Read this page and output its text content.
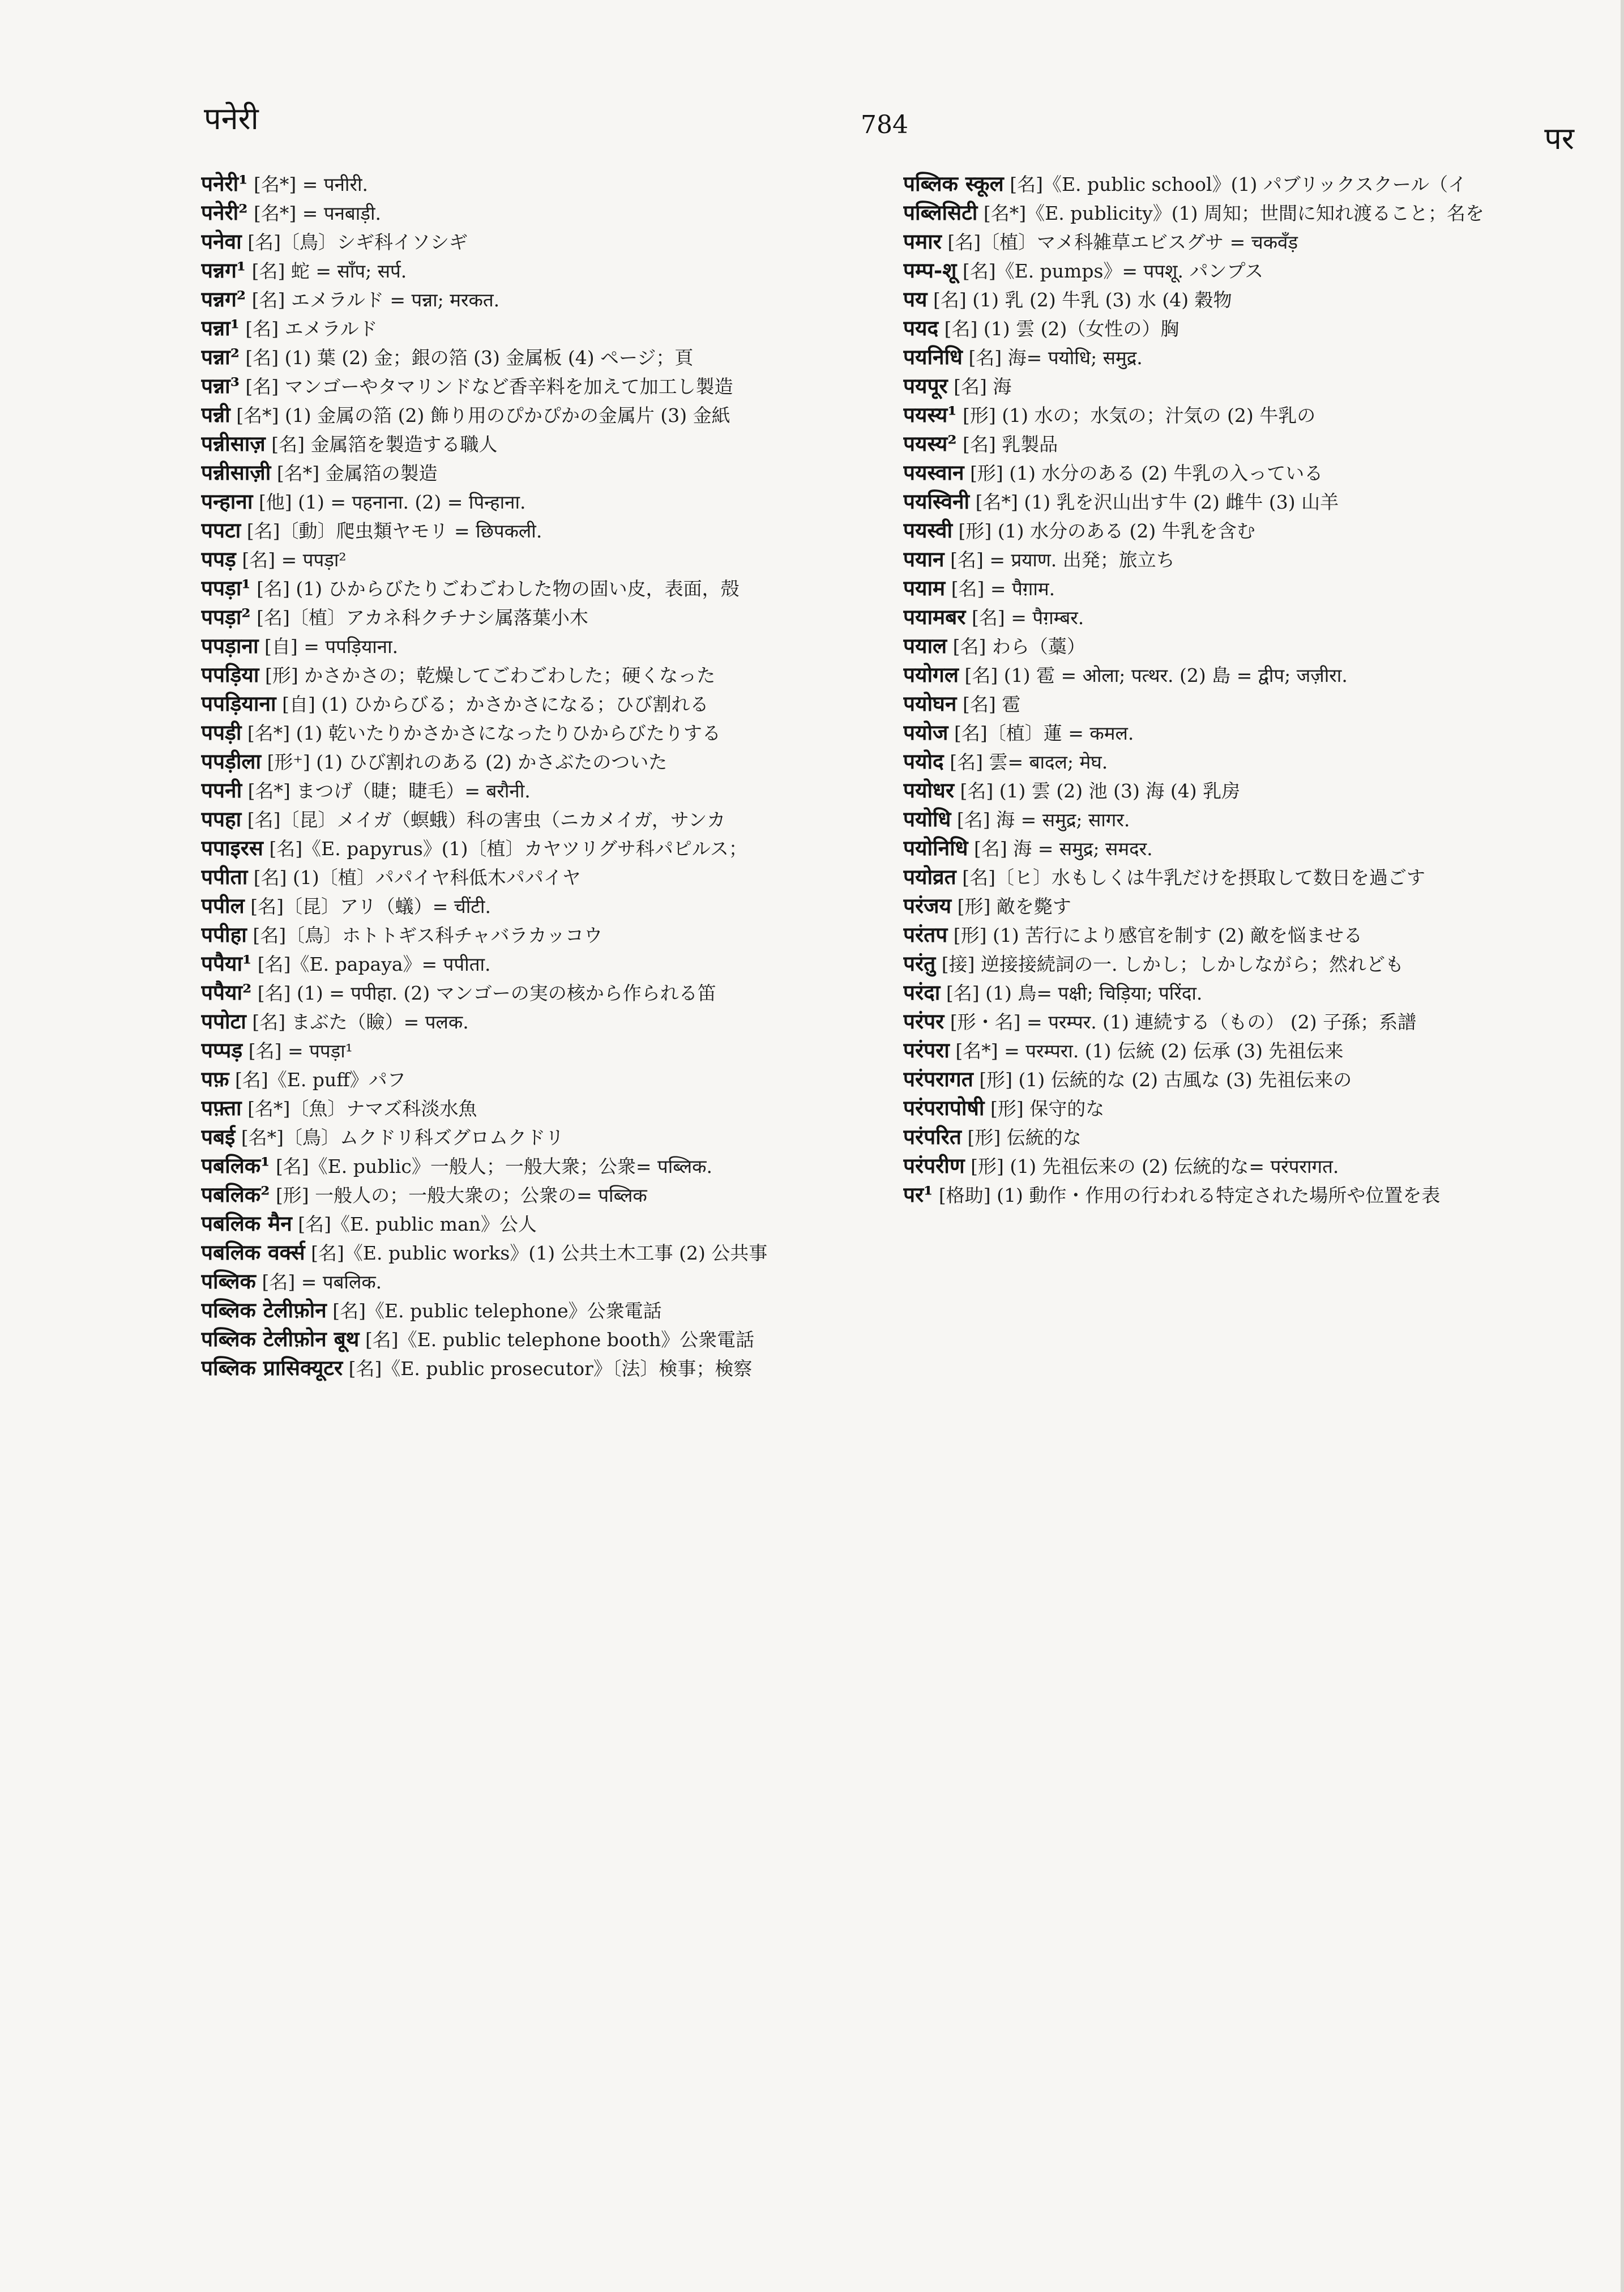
पनेरी	784	पर
पनेरी¹ [名*] = पनीरी.
पनेरी² [名*] = पनबाड़ी.
पनेवा [名]〔鳥〕シギ科イソシギ
पन्नग¹ [名] 蛇 = साँप; सर्प.
पन्नग² [名] エメラルド = पन्ना; मरकत.
पन्ना¹ [名] エメラルド
पन्ना² [名] (1) 葉 (2) 金；銀の箔 (3) 金属板 (4) ページ；頁
पन्ना³ [名] マンゴーやタマリンドなど香辛料を加えて加工し製造
पन्नी [名*] (1) 金属の箔 (2) 飾り用のぴかぴかの金属片 (3) 金紙
पन्नीसाज़ [名] 金属箔を製造する職人
पन्नीसाज़ी [名*] 金属箔の製造
पन्हाना [他] (1) = पहनाना. (2) = पिन्हाना.
पपटा [名]〔動〕爬虫類ヤモリ = छिपकली.
पपड़ [名] = पपड़ा²
पपड़ा¹ [名] (1) ひからびたりごわごわした物の固い皮，表面，殻
पपड़ा² [名]〔植〕アカネ科クチナシ属落葉小木
पपड़ाना [自] = पपड़ियाना.
पपड़िया [形] かさかさの；乾燥してごわごわした；硬くなった
पपड़ियाना [自] (1) ひからびる；かさかさになる；ひび割れる
पपड़ी [名*] (1) 乾いたりかさかさになったりひからびたりする
पपड़ीला [形⁺] (1) ひび割れのある (2) かさぶたのついた
पपनी [名*] まつげ（睫；睫毛）= बरौनी.
पपहा [名]〔昆〕メイガ（螟蛾）科の害虫（ニカメイガ，サンカ
पपाइरस [名]《E. papyrus》(1)〔植〕カヤツリグサ科パピルス；
पपीता [名] (1)〔植〕パパイヤ科低木パパイヤ
पपील [名]〔昆〕アリ（蟻）= चींटी.
पपीहा [名]〔鳥〕ホトトギス科チャバラカッコウ
पपैया¹ [名]《E. papaya》= पपीता.
पपैया² [名] (1) = पपीहा. (2) マンゴーの実の核から作られる笛
पपोटा [名] まぶた（瞼）= पलक.
पप्पड़ [名] = पपड़ा¹
पफ़ [名]《E. puff》パフ
पफ़्ता [名*]〔魚〕ナマズ科淡水魚
पबई [名*]〔鳥〕ムクドリ科ズグロムクドリ
पबलिक¹ [名]《E. public》一般人；一般大衆；公衆= पब्लिक.
पबलिक² [形] 一般人の；一般大衆の；公衆の= पब्लिक
पबलिक मैन [名]《E. public man》公人
पबलिक वर्क्स [名]《E. public works》(1) 公共土木工事 (2) 公共事
पब्लिक [名] = पबलिक.
पब्लिक टेलीफ़ोन [名]《E. public telephone》公衆電話
पब्लिक टेलीफ़ोन बूथ [名]《E. public telephone booth》公衆電話
पब्लिक प्रासिक्यूटर [名]《E. public prosecutor》〔法〕検事；検察
पब्लिक स्कूल [名]《E. public school》(1) パブリックスクール（イ
पब्लिसिटी [名*]《E. publicity》(1) 周知；世間に知れ渡ること；名を
पमार [名]〔植〕マメ科雑草エビスグサ = चकवँड़
पम्प-शू [名]《E. pumps》= पपशू. パンプス
पय [名] (1) 乳 (2) 牛乳 (3) 水 (4) 穀物
पयद [名] (1) 雲 (2)（女性の）胸
पयनिधि [名] 海= पयोधि; समुद्र.
पयपूर [名] 海
पयस्य¹ [形] (1) 水の；水気の；汁気の (2) 牛乳の
पयस्य² [名] 乳製品
पयस्वान [形] (1) 水分のある (2) 牛乳の入っている
पयस्विनी [名*] (1) 乳を沢山出す牛 (2) 雌牛 (3) 山羊
पयस्वी [形] (1) 水分のある (2) 牛乳を含む
पयान [名] = प्रयाण. 出発；旅立ち
पयाम [名] = पैग़ाम.
पयामबर [名] = पैग़म्बर.
पयाल [名] わら（藁）
पयोगल [名] (1) 雹 = ओला; पत्थर. (2) 島 = द्वीप; जज़ीरा.
पयोघन [名] 雹
पयोज [名]〔植〕蓮 = कमल.
पयोद [名] 雲= बादल; मेघ.
पयोधर [名] (1) 雲 (2) 池 (3) 海 (4) 乳房
पयोधि [名] 海 = समुद्र; सागर.
पयोनिधि [名] 海 = समुद्र; समदर.
पयोव्रत [名]〔ヒ〕水もしくは牛乳だけを摂取して数日を過ごす
परंजय [形] 敵を斃す
परंतप [形] (1) 苦行により感官を制す (2) 敵を悩ませる
परंतु [接] 逆接接続詞の一. しかし；しかしながら；然れども
परंदा [名] (1) 鳥= पक्षी; चिड़िया; परिंदा.
परंपर [形・名] = परम्पर. (1) 連続する（もの） (2) 子孫；系譜
परंपरा [名*] = परम्परा. (1) 伝統 (2) 伝承 (3) 先祖伝来
परंपरागत [形] (1) 伝統的な (2) 古風な (3) 先祖伝来の
परंपरापोषी [形] 保守的な
परंपरित [形] 伝統的な
परंपरीण [形] (1) 先祖伝来の (2) 伝統的な= परंपरागत.
पर¹ [格助] (1) 動作・作用の行われる特定された場所や位置を表
